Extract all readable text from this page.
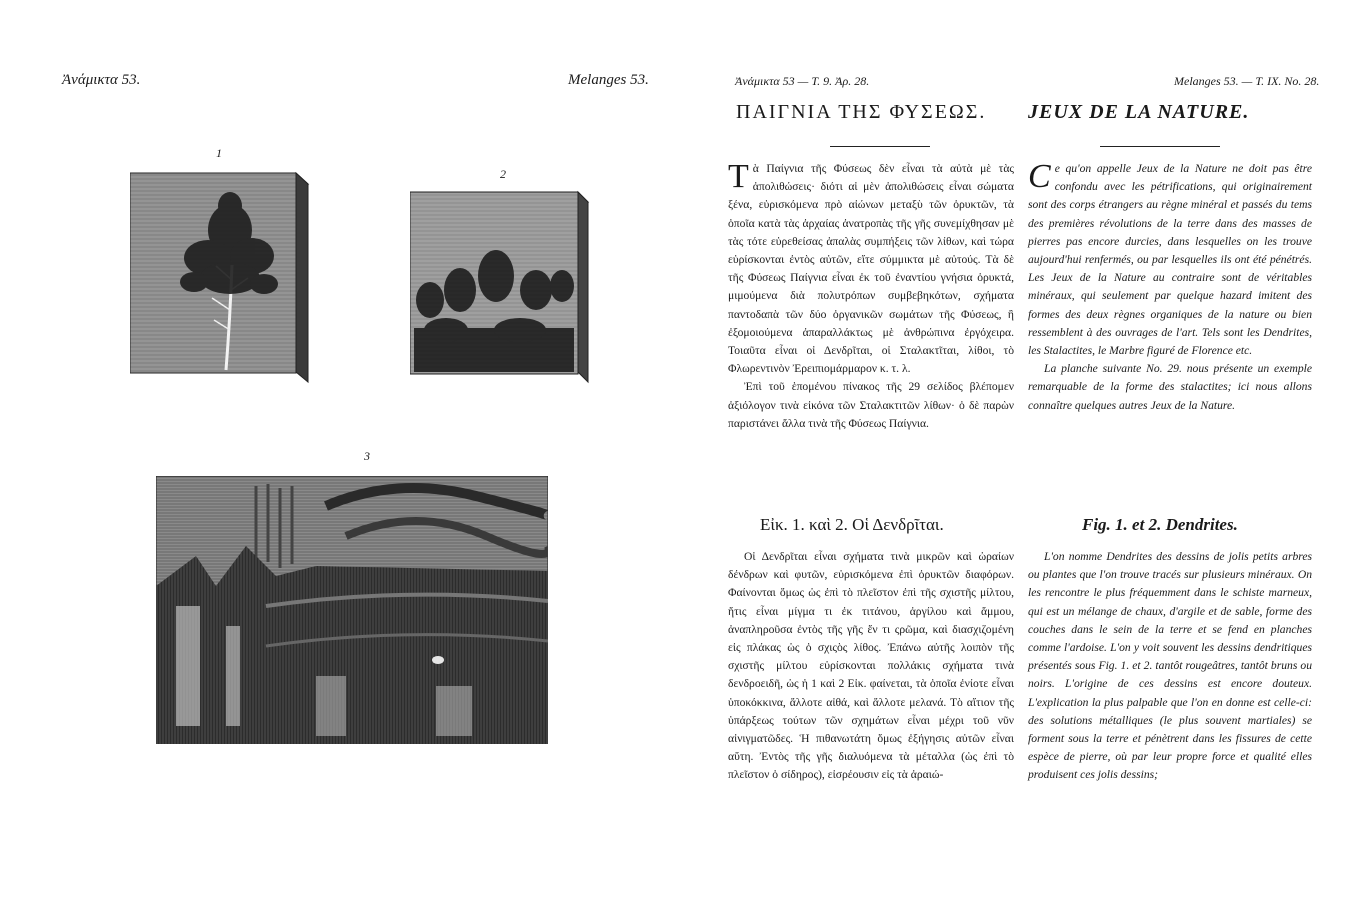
Ἀνάμικτα 53.	Melanges 53.
1
2
3
Ἀνάμικτα 53 — Τ. 9. Ἀρ. 28.	Melanges 53. — T. IX. No. 28.
ΠΑΙΓΝΙΑ ΤΗΣ ΦΥΣΕΩΣ. JEUX DE LA NATURE.

Τὰ Παίγνια τῆς Φύσεως δὲν εἶναι τὰ αὐτὰ μὲ τὰς ἀπολιθώσεις· διότι αἱ μὲν ἀπολιθώσεις εἶναι σώματα ξένα, εὑρισκόμενα πρὸ αἰώνων μεταξὺ τῶν ὀρυκτῶν, τὰ ὁποῖα κατὰ τὰς ἀρχαίας ἀνατροπὰς τῆς γῆς συνεμίχθησαν μὲ τὰς τότε εὑρεθείσας ἁπαλὰς συμπήξεις τῶν λίθων, καὶ τώρα εὑρίσκονται ἐντὸς αὐτῶν, εἴτε σύμμικτα μὲ αὐτούς. Τὰ δὲ τῆς Φύσεως Παίγνια εἶναι ἐκ τοῦ ἐναντίου γνήσια ὀρυκτά, μιμούμενα διὰ πολυτρόπων συμβεβηκότων, σχήματα παντοδαπὰ τῶν δύο ὀργανικῶν σωμάτων τῆς Φύσεως, ἢ ἐξομοιούμενα ἀπαραλλάκτως μὲ ἀνθρώπινα ἐργόχειρα. Τοιαῦτα εἶναι οἱ Δενδρῖται, οἱ Σταλακτῖται, λίθοι, τὸ Φλωρεντινὸν Ἐρειπιομάρμαρον κ. τ. λ.

Ἐπὶ τοῦ ἑπομένου πίνακος τῆς 29 σελίδος βλέπομεν ἀξιόλογον τινὰ εἰκόνα τῶν Σταλακτιτῶν λίθων· ὁ δὲ παρὼν παριστάνει ἄλλα τινὰ τῆς Φύσεως Παίγνια.

Ce qu'on appelle Jeux de la Nature ne doit pas être confondu avec les pétrifications, qui originairement sont des corps étrangers au règne minéral et passés du tems des premières révolutions de la terre dans des masses de pierres pas encore durcies, dans lesquelles on les trouve aujourd'hui renfermés, ou par lesquelles ils ont été pénétrés. Les Jeux de la Nature au contraire sont de véritables minéraux, qui seulement par quelque hazard imitent des formes des deux règnes organiques de la nature ou bien ressemblent à des ouvrages de l'art. Tels sont les Dendrites, les Stalactites, le Marbre figuré de Florence etc.

La planche suivante No. 29. nous présente un exemple remarquable de la forme des stalactites; ici nous allons connaître quelques autres Jeux de la Nature.

Εἰκ. 1. καὶ 2. Οἱ Δενδρῖται.	Fig. 1. et 2. Dendrites.

Οἱ Δενδρῖται εἶναι σχήματα τινὰ μικρῶν καὶ ὡραίων δένδρων καὶ φυτῶν, εὑρισκόμενα ἐπὶ ὀρυκτῶν διαφόρων. Φαίνονται ὅμως ὡς ἐπὶ τὸ πλεῖστον ἐπὶ τῆς σχιστῆς μίλτου, ἥτις εἶναι μίγμα τι ἐκ τιτάνου, ἀργίλου καὶ ἄμμου, ἀναπληροῦσα ἐντὸς τῆς γῆς ἔν τι ςρῶμα, καὶ διασχιζομένη εἰς πλάκας ὡς ὁ σχιςὸς λίθος. Ἐπάνω αὐτῆς λοιπὸν τῆς σχιστῆς μίλτου εὑρίσκονται πολλάκις σχήματα τινὰ δενδροειδῆ, ὡς ἡ 1 καὶ 2 Εἰκ. φαίνεται, τὰ ὁποῖα ἐνίοτε εἶναι ὑποκόκκινα, ἄλλοτε αἰθά, καὶ ἄλλοτε μελανά. Τὸ αἴτιον τῆς ὑπάρξεως τούτων τῶν σχημάτων εἶναι μέχρι τοῦ νῦν αἰνιγματῶδες. Ἡ πιθανωτάτη ὅμως ἐξήγησις αὐτῶν εἶναι αὕτη. Ἐντὸς τῆς γῆς διαλυόμενα τὰ μέταλλα (ὡς ἐπὶ τὸ πλεῖστον ὁ σίδηρος), εἰσρέουσιν εἰς τὰ ἀραιώ-

L'on nomme Dendrites des dessins de jolis petits arbres ou plantes que l'on trouve tracés sur plusieurs minéraux. On les rencontre le plus fréquemment dans le schiste marneux, qui est un mélange de chaux, d'argile et de sable, forme des couches dans le sein de la terre et se fend en planches comme l'ardoise. L'on y voit souvent les dessins dendritiques présentés sous Fig. 1. et 2. tantôt rougeâtres, tantôt bruns ou noirs. L'origine de ces dessins est encore douteux. L'explication la plus palpable que l'on en donne est celle-ci: des solutions métalliques (le plus souvent martiales) se forment sous la terre et pénètrent dans les fissures de cette espèce de pierre, où par leur propre force et qualité elles produisent ces jolis dessins;
